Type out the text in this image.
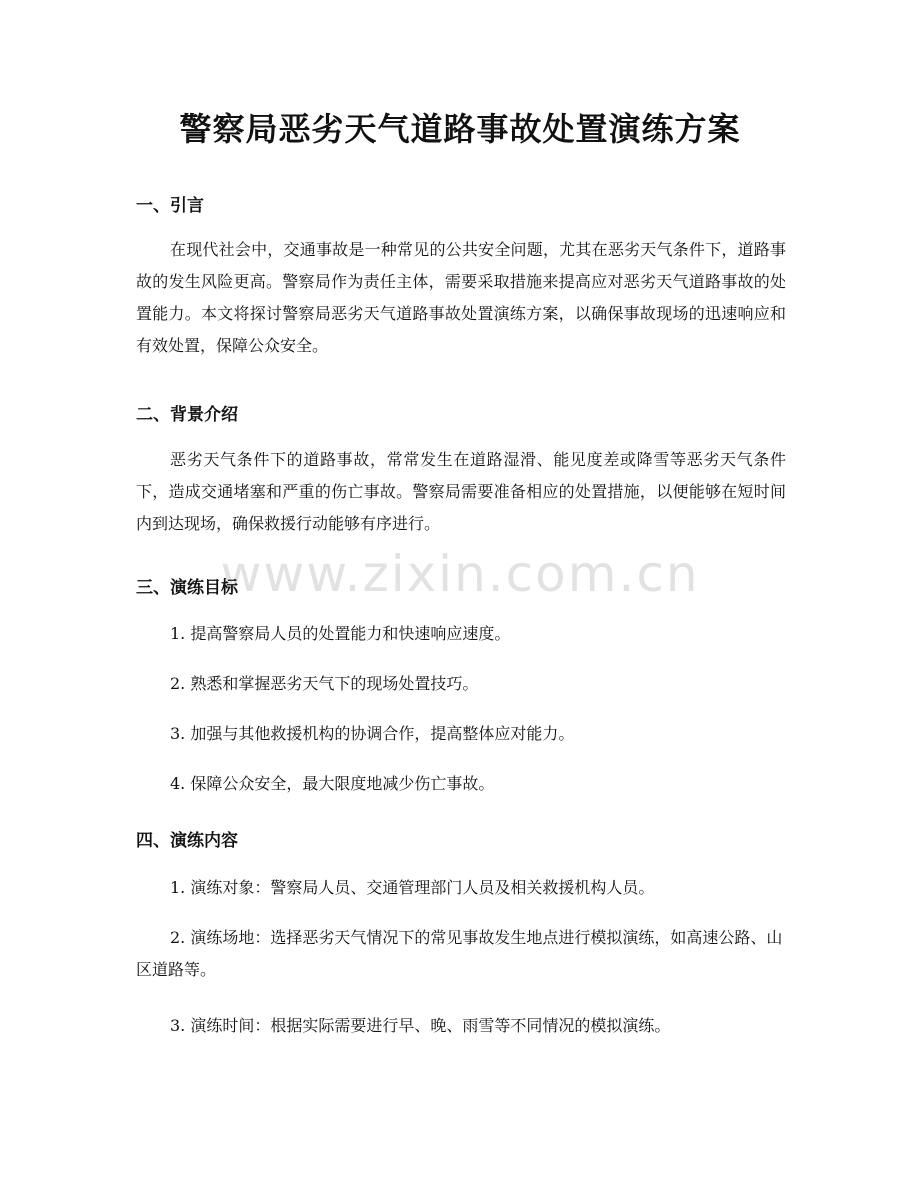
警察局恶劣天气道路事故处置演练方案
一、引言
在现代社会中，交通事故是一种常见的公共安全问题，尤其在恶劣天气条件下，道路事故的发生风险更高。警察局作为责任主体，需要采取措施来提高应对恶劣天气道路事故的处置能力。本文将探讨警察局恶劣天气道路事故处置演练方案，以确保事故现场的迅速响应和有效处置，保障公众安全。
二、背景介绍
恶劣天气条件下的道路事故，常常发生在道路湿滑、能见度差或降雪等恶劣天气条件下，造成交通堵塞和严重的伤亡事故。警察局需要准备相应的处置措施，以便能够在短时间内到达现场，确保救援行动能够有序进行。
www.zixin.com.cn
三、演练目标
1. 提高警察局人员的处置能力和快速响应速度。
2. 熟悉和掌握恶劣天气下的现场处置技巧。
3. 加强与其他救援机构的协调合作，提高整体应对能力。
4. 保障公众安全，最大限度地减少伤亡事故。
四、演练内容
1. 演练对象：警察局人员、交通管理部门人员及相关救援机构人员。
2. 演练场地：选择恶劣天气情况下的常见事故发生地点进行模拟演练，如高速公路、山区道路等。
3. 演练时间：根据实际需要进行早、晚、雨雪等不同情况的模拟演练。
